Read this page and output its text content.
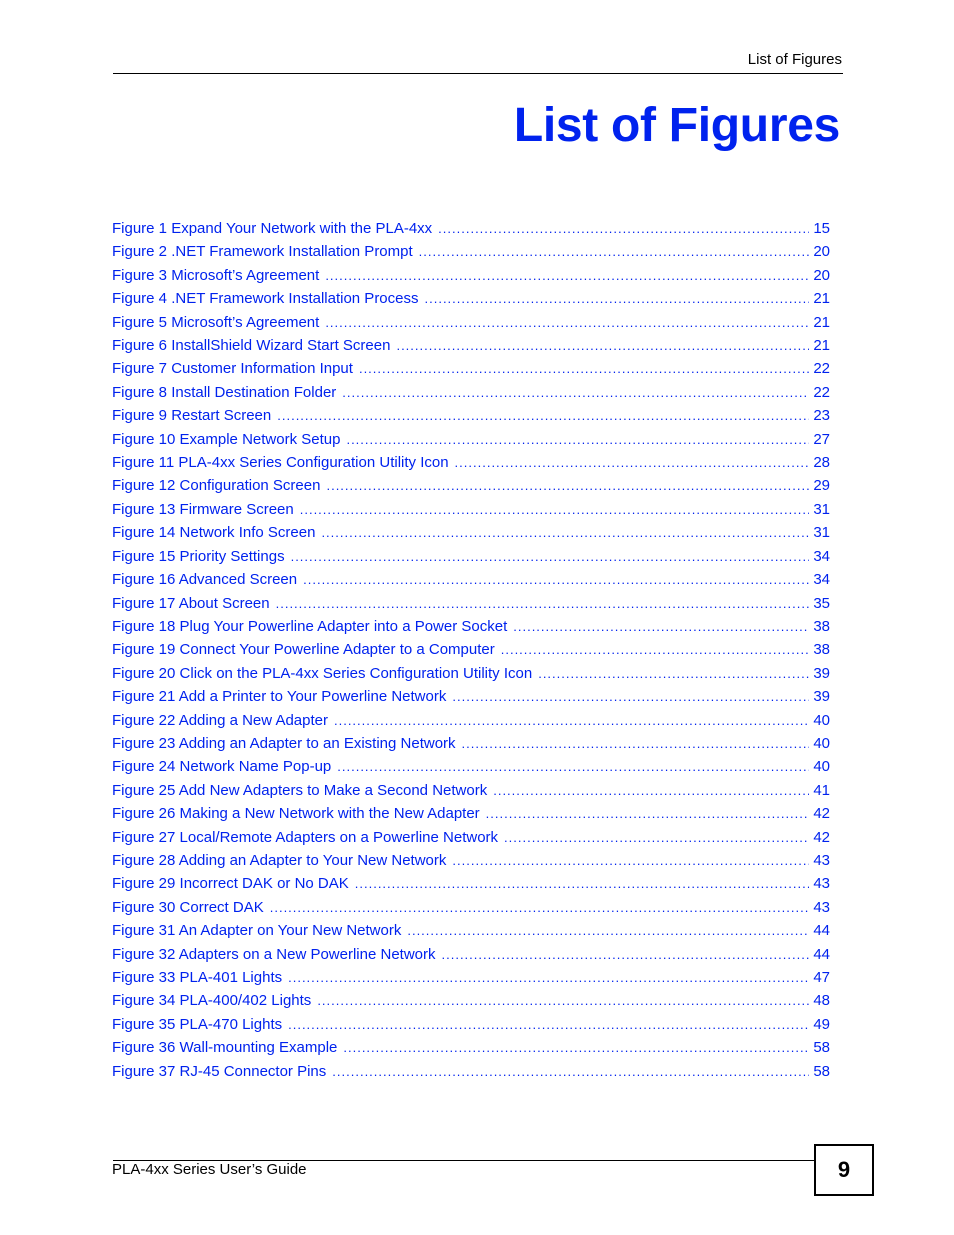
List of Figures
List of Figures
Figure 1 Expand Your Network with the PLA-4xx .....	15
Figure 2 .NET Framework Installation Prompt .....	20
Figure 3 Microsoft’s Agreement .....	20
Figure 4 .NET Framework Installation Process .....	21
Figure 5 Microsoft’s Agreement .....	21
Figure 6 InstallShield Wizard Start Screen .....	21
Figure 7 Customer Information Input .....	22
Figure 8 Install Destination Folder .....	22
Figure 9 Restart Screen .....	23
Figure 10 Example Network Setup .....	27
Figure 11 PLA-4xx Series Configuration Utility Icon .....	28
Figure 12 Configuration Screen .....	29
Figure 13 Firmware Screen .....	31
Figure 14 Network Info Screen .....	31
Figure 15 Priority Settings .....	34
Figure 16 Advanced Screen .....	34
Figure 17 About Screen .....	35
Figure 18 Plug Your Powerline Adapter into a Power Socket .....	38
Figure 19 Connect Your Powerline Adapter to a Computer .....	38
Figure 20 Click on the PLA-4xx Series Configuration Utility Icon .....	39
Figure 21 Add a Printer to Your Powerline Network .....	39
Figure 22 Adding a New Adapter .....	40
Figure 23 Adding an Adapter to an Existing Network .....	40
Figure 24 Network Name Pop-up .....	40
Figure 25 Add New Adapters to Make a Second Network .....	41
Figure 26 Making a New Network with the New Adapter .....	42
Figure 27 Local/Remote Adapters on a Powerline Network .....	42
Figure 28 Adding an Adapter to Your New Network .....	43
Figure 29 Incorrect DAK or No DAK .....	43
Figure 30 Correct DAK .....	43
Figure 31 An Adapter on Your New Network .....	44
Figure 32 Adapters on a New Powerline Network .....	44
Figure 33 PLA-401 Lights .....	47
Figure 34 PLA-400/402 Lights .....	48
Figure 35 PLA-470 Lights .....	49
Figure 36 Wall-mounting Example .....	58
Figure 37 RJ-45 Connector Pins .....	58
PLA-4xx Series User’s Guide	9
